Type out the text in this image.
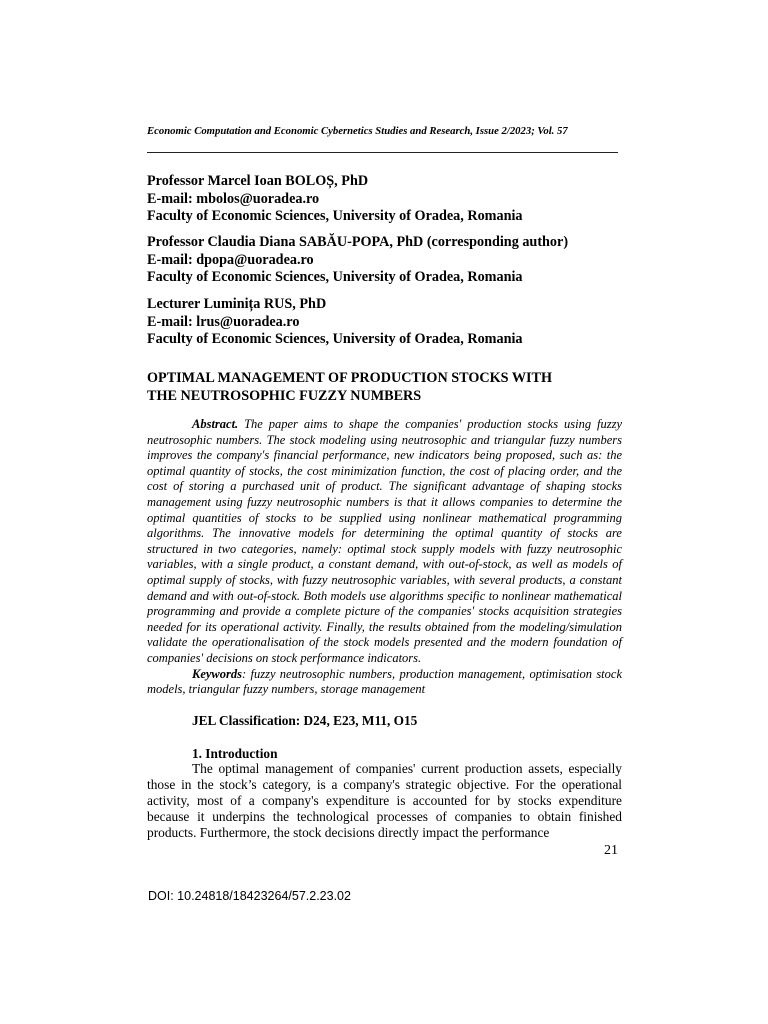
Economic Computation and Economic Cybernetics Studies and Research, Issue 2/2023; Vol. 57
Professor Marcel Ioan BOLOȘ, PhD
E-mail: mbolos@uoradea.ro
Faculty of Economic Sciences, University of Oradea, Romania
Professor Claudia Diana SABĂU-POPA, PhD (corresponding author)
E-mail: dpopa@uoradea.ro
Faculty of Economic Sciences, University of Oradea, Romania
Lecturer Luminița RUS, PhD
E-mail: lrus@uoradea.ro
Faculty of Economic Sciences, University of Oradea, Romania
OPTIMAL MANAGEMENT OF PRODUCTION STOCKS WITH
THE NEUTROSOPHIC FUZZY NUMBERS

Abstract. The paper aims to shape the companies' production stocks using fuzzy neutrosophic numbers. The stock modeling using neutrosophic and triangular fuzzy numbers improves the company's financial performance, new indicators being proposed, such as: the optimal quantity of stocks, the cost minimization function, the cost of placing order, and the cost of storing a purchased unit of product. The significant advantage of shaping stocks management using fuzzy neutrosophic numbers is that it allows companies to determine the optimal quantities of stocks to be supplied using nonlinear mathematical programming algorithms. The innovative models for determining the optimal quantity of stocks are structured in two categories, namely: optimal stock supply models with fuzzy neutrosophic variables, with a single product, a constant demand, with out-of-stock, as well as models of optimal supply of stocks, with fuzzy neutrosophic variables, with several products, a constant demand and with out-of-stock. Both models use algorithms specific to nonlinear mathematical programming and provide a complete picture of the companies' stocks acquisition strategies needed for its operational activity. Finally, the results obtained from the modeling/simulation validate the operationalisation of the stock models presented and the modern foundation of companies' decisions on stock performance indicators.

Keywords: fuzzy neutrosophic numbers, production management, optimisation stock models, triangular fuzzy numbers, storage management

JEL Classification: D24, E23, M11, O15
1. Introduction

The optimal management of companies' current production assets, especially those in the stock’s category, is a company's strategic objective. For the operational activity, most of a company's expenditure is accounted for by stocks expenditure because it underpins the technological processes of companies to obtain finished products. Furthermore, the stock decisions directly impact the performance

21
DOI: 10.24818/18423264/57.2.23.02
